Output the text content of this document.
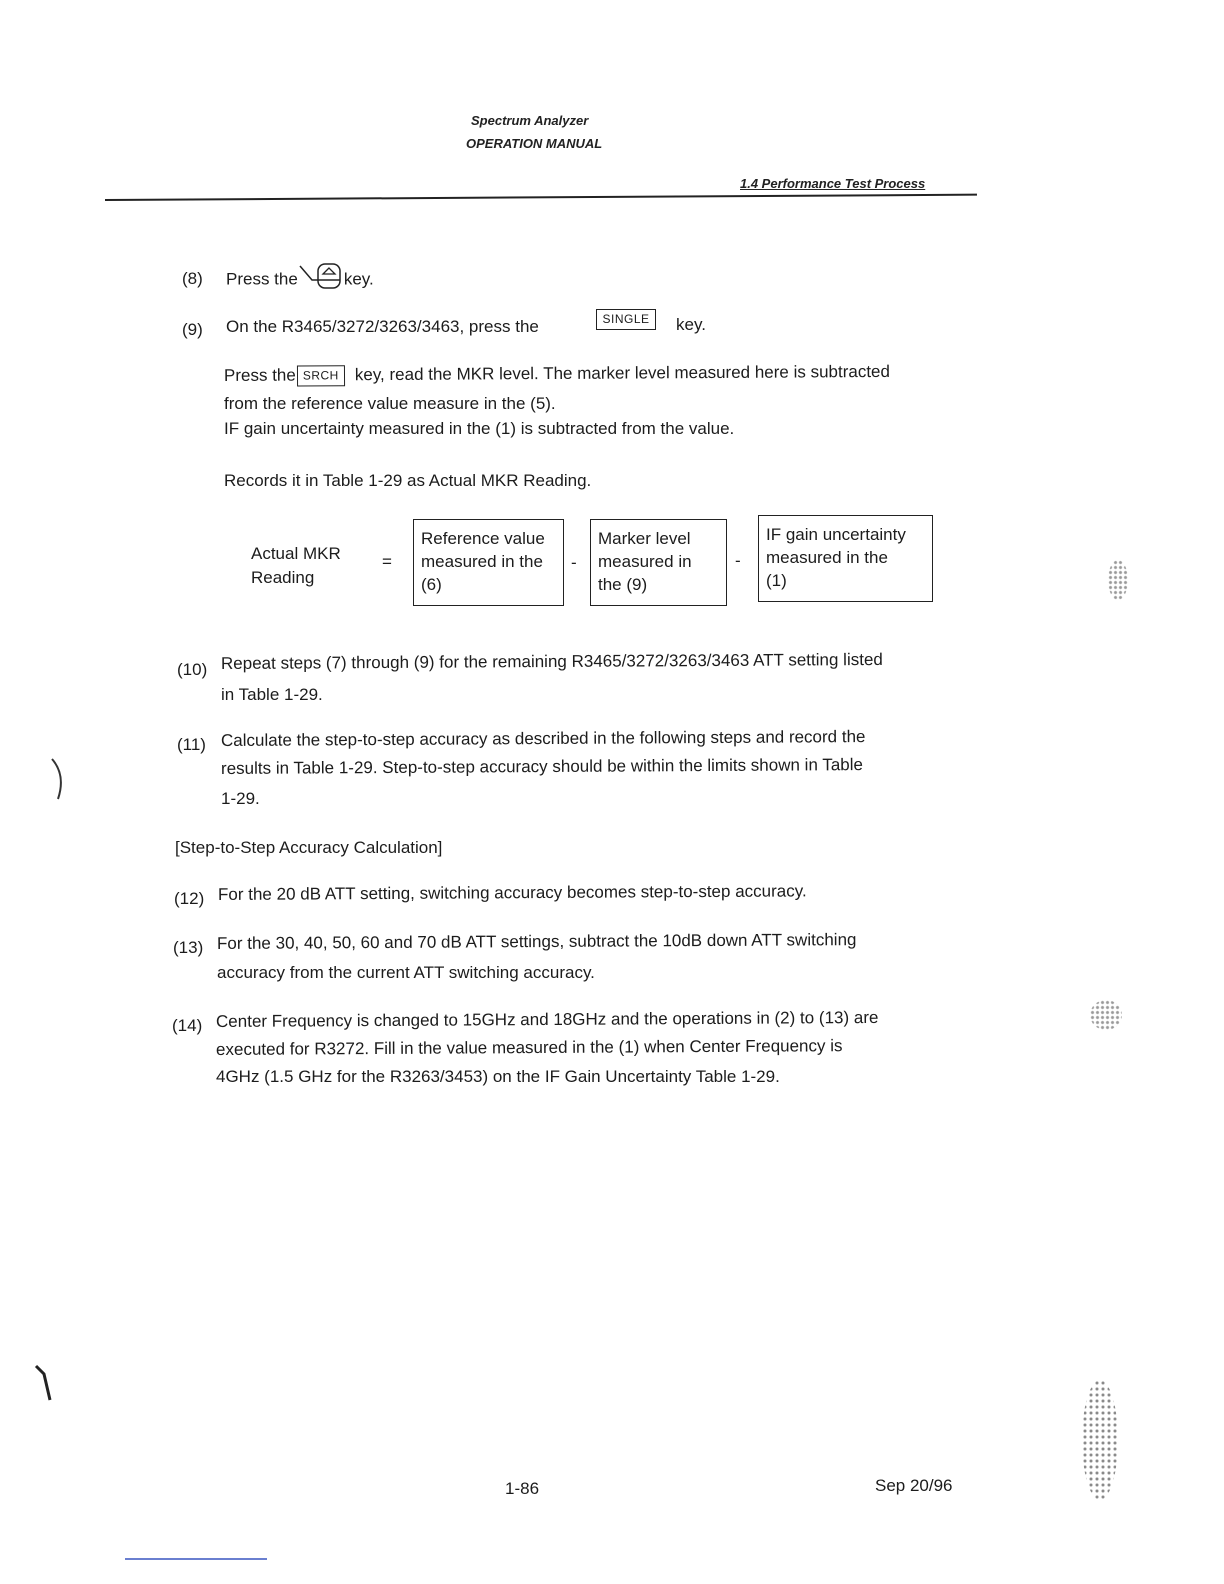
Spectrum Analyzer
OPERATION MANUAL
1.4 Performance Test Process
(8) Press the	key.
(9) On the R3465/3272/3263/3463, press the	SINGLE	key.
Press the SRCH key, read the MKR level. The marker level measured here is subtracted
from the reference value measure in the (5).
IF gain uncertainty measured in the (1) is subtracted from the value.
Records it in Table 1-29 as Actual MKR Reading.
Actual MKR
Reading
=
Reference value
measured in the
(6)
-
Marker level
measured in
the (9)
-
IF gain uncertainty
measured in the
(1)
(10) Repeat steps (7) through (9) for the remaining R3465/3272/3263/3463 ATT setting listed
in Table 1-29.
(11) Calculate the step-to-step accuracy as described in the following steps and record the
results in Table 1-29. Step-to-step accuracy should be within the limits shown in Table
1-29.
[Step-to-Step Accuracy Calculation]
(12) For the 20 dB ATT setting, switching accuracy becomes step-to-step accuracy.
(13) For the 30, 40, 50, 60 and 70 dB ATT settings, subtract the 10dB down ATT switching
accuracy from the current ATT switching accuracy.
(14) Center Frequency is changed to 15GHz and 18GHz and the operations in (2) to (13) are
executed for R3272. Fill in the value measured in the (1) when Center Frequency is
4GHz (1.5 GHz for the R3263/3453) on the IF Gain Uncertainty Table 1-29.
1-86	Sep 20/96
